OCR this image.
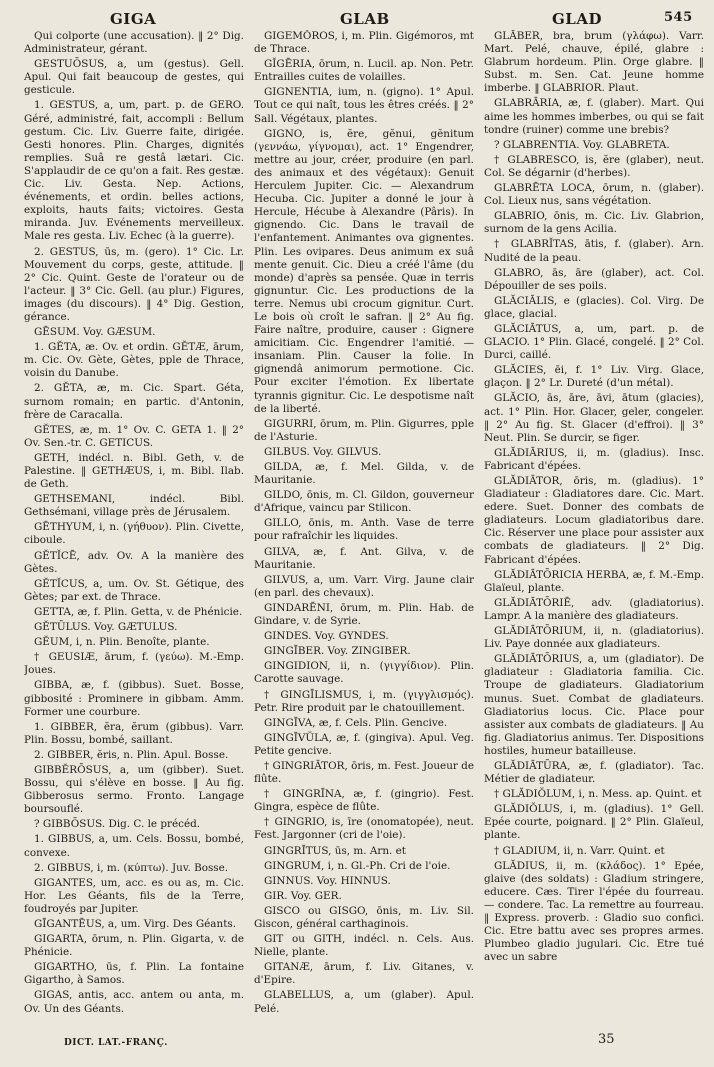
GIGA	GLAB	GLAD	545

Qui colporte (une accusation). ‖ 2° Dig. Administrateur, gérant.

GESTUŌSUS, a, um (gestus). Gell. Apul. Qui fait beaucoup de gestes, qui gesticule.

1. GESTUS, a, um, part. p. de GERO. Géré, administré, fait, accompli : Bellum gestum. Cic. Liv. Guerre faite, dirigée. Gesti honores. Plin. Charges, dignités remplies. Suâ re gestâ lætari. Cic. S'applaudir de ce qu'on a fait. Res gestæ. Cic. Liv. Gesta. Nep. Actions, événements, et ordin. belles actions, exploits, hauts faits; victoires. Gesta miranda. Juv. Evénements merveilleux. Male res gesta. Liv. Echec (à la guerre).

2. GESTUS, ūs, m. (gero). 1° Cic. Lr. Mouvement du corps, geste, attitude. ‖ 2° Cic. Quint. Geste de l'orateur ou de l'acteur. ‖ 3° Cic. Gell. (au plur.) Figures, images (du discours). ‖ 4° Dig. Gestion, gérance.

GĒSUM. Voy. GÆSUM.

1. GĔTA, æ. Ov. et ordin. GĔTÆ, ārum, m. Cic. Ov. Gète, Gètes, pple de Thrace, voisin du Danube.

2. GĔTA, æ, m. Cic. Spart. Géta, surnom romain; en partic. d'Antonin, frère de Caracalla.

GĔTES, æ, m. 1° Ov. C. GETA 1. ‖ 2° Ov. Sen.-tr. C. GETICUS.

GETH, indécl. n. Bibl. Geth, v. de Palestine. ‖ GETHÆUS, i, m. Bibl. Ilab. de Geth.

GETHSEMANI, indécl. Bibl. Gethsémani, village près de Jérusalem.

GĒTHYUM, i, n. (γήθυον). Plin. Civette, ciboule.

GĔTĬCĒ, adv. Ov. A la manière des Gètes.

GĔTĬCUS, a, um. Ov. St. Gétique, des Gètes; par ext. de Thrace.

GETTA, æ, f. Plin. Getta, v. de Phénicie.

GĔTŪLUS. Voy. GÆTULUS.

GĔUM, i, n. Plin. Benoîte, plante.

† GEUSIÆ, ārum, f. (γεύω). M.-Emp. Joues.

GIBBA, æ, f. (gibbus). Suet. Bosse, gibbosité : Prominere in gibbam. Amm. Former une courbure.

1. GIBBER, ĕra, ĕrum (gibbus). Varr. Plin. Bossu, bombé, saillant.

2. GIBBER, ĕris, n. Plin. Apul. Bosse.

GIBBĔRŌSUS, a, um (gibber). Suet. Bossu, qui s'élève en bosse. ‖ Au fig. Gibberosus sermo. Fronto. Langage boursouflé.

? GIBBŌSUS. Dig. C. le précéd.

1. GIBBUS, a, um. Cels. Bossu, bombé, convexe.

2. GIBBUS, i, m. (κύπτω). Juv. Bosse.

GIGANTES, um, acc. es ou as, m. Cic. Hor. Les Géants, fils de la Terre, foudroyés par Jupiter.

GĪGANTĒUS, a, um. Virg. Des Géants.

GIGARTA, ōrum, n. Plin. Gigarta, v. de Phénicie.

GIGARTHO, ūs, f. Plin. La fontaine Gigartho, à Samos.

GIGAS, antis, acc. antem ou anta, m. Ov. Un des Géants.

GIGEMŎROS, i, m. Plin. Gigémoros, mt de Thrace.

GĬGĒRIA, ōrum, n. Lucil. ap. Non. Petr. Entrailles cuites de volailles.

GIGNENTIA, ium, n. (gigno). 1° Apul. Tout ce qui naît, tous les êtres créés. ‖ 2° Sall. Végétaux, plantes.

GIGNO, is, ĕre, gĕnui, gĕnitum (γεννάω, γίγνομαι), act. 1° Engendrer, mettre au jour, créer, produire (en parl. des animaux et des végétaux): Genuit Herculem Jupiter. Cic. — Alexandrum Hecuba. Cic. Jupiter a donné le jour à Hercule, Hécube à Alexandre (Pâris). In gignendo. Cic. Dans le travail de l'enfantement. Animantes ova gignentes. Plin. Les ovipares. Deus animum ex suâ mente genuit. Cic. Dieu a créé l'âme (du monde) d'après sa pensée. Quæ in terris gignuntur. Cic. Les productions de la terre. Nemus ubi crocum gignitur. Curt. Le bois où croît le safran. ‖ 2° Au fig. Faire naître, produire, causer : Gignere amicitiam. Cic. Engendrer l'amitié. — insaniam. Plin. Causer la folie. In gignendâ animorum permotione. Cic. Pour exciter l'émotion. Ex libertate tyrannis gignitur. Cic. Le despotisme naît de la liberté.

GIGURRI, ōrum, m. Plin. Gigurres, pple de l'Asturie.

GILBUS. Voy. GILVUS.

GILDA, æ, f. Mel. Gilda, v. de Mauritanie.

GILDO, ōnis, m. Cl. Gildon, gouverneur d'Afrique, vaincu par Stilicon.

GILLO, ōnis, m. Anth. Vase de terre pour rafraîchir les liquides.

GILVA, æ, f. Ant. Gilva, v. de Mauritanie.

GILVUS, a, um. Varr. Virg. Jaune clair (en parl. des chevaux).

GINDARĒNI, ōrum, m. Plin. Hab. de Gindare, v. de Syrie.

GINDES. Voy. GYNDES.

GINGĪBER. Voy. ZINGIBER.

GINGIDION, ii, n. (γιγγίδιον). Plin. Carotte sauvage.

† GINGĪLISMUS, i, m. (γιγγλισμός). Petr. Rire produit par le chatouillement.

GINGĪVA, æ, f. Cels. Plin. Gencive.

GINGĪVŬLA, æ, f. (gingiva). Apul. Veg. Petite gencive.

† GINGRIĀTOR, ōris, m. Fest. Joueur de flûte.

† GINGRĪNA, æ, f. (gingrio). Fest. Gingra, espèce de flûte.

† GINGRIO, is, īre (onomatopée), neut. Fest. Jargonner (cri de l'oie).

GINGRĪTUS, ūs, m. Arn. et

GINGRUM, i, n. Gl.-Ph. Cri de l'oie.

GINNUS. Voy. HINNUS.

GIR. Voy. GER.

GISCO ou GISGO, ōnis, m. Liv. Sil. Giscon, général carthaginois.

GIT ou GITH, indécl. n. Cels. Aus. Nielle, plante.

GITANÆ, ārum, f. Liv. Gitanes, v. d'Epire.

GLABELLUS, a, um (glaber). Apul. Pelé.

GLĂBER, bra, brum (γλάφω). Varr. Mart. Pelé, chauve, épilé, glabre : Glabrum hordeum. Plin. Orge glabre. ‖ Subst. m. Sen. Cat. Jeune homme imberbe. ‖ GLABRIOR. Plaut.

GLABRĀRIA, æ, f. (glaber). Mart. Qui aime les hommes imberbes, ou qui se fait tondre (ruiner) comme une brebis?

? GLABRENTIA. Voy. GLABRETA.

† GLABRESCO, is, ĕre (glaber), neut. Col. Se dégarnir (d'herbes).

GLABRĒTA LOCA, ōrum, n. (glaber). Col. Lieux nus, sans végétation.

GLABRIO, ōnis, m. Cic. Liv. Glabrion, surnom de la gens Acilia.

† GLABRĬTAS, ātis, f. (glaber). Arn. Nudité de la peau.

GLABRO, ās, āre (glaber), act. Col. Dépouiller de ses poils.

GLĂCIĀLIS, e (glacies). Col. Virg. De glace, glacial.

GLĂCIĀTUS, a, um, part. p. de GLACIO. 1° Plin. Glacé, congelé. ‖ 2° Col. Durci, caillé.

GLĂCIES, ēi, f. 1° Liv. Virg. Glace, glaçon. ‖ 2° Lr. Dureté (d'un métal).

GLĂCIO, ās, āre, āvi, ātum (glacies), act. 1° Plin. Hor. Glacer, geler, congeler. ‖ 2° Au fig. St. Glacer (d'effroi). ‖ 3° Neut. Plin. Se durcir, se figer.

GLĂDIĀRIUS, ii, m. (gladius). Insc. Fabricant d'épées.

GLĂDIĀTOR, ōris, m. (gladius). 1° Gladiateur : Gladiatores dare. Cic. Mart. edere. Suet. Donner des combats de gladiateurs. Locum gladiatoribus dare. Cic. Réserver une place pour assister aux combats de gladiateurs. ‖ 2° Dig. Fabricant d'épées.

GLĂDIĀTŌRICIA HERBA, æ, f. M.-Emp. Glaïeul, plante.

GLĂDIĀTŌRIĒ, adv. (gladiatorius). Lampr. A la manière des gladiateurs.

GLĂDIĀTŌRIUM, ii, n. (gladiatorius). Liv. Paye donnée aux gladiateurs.

GLĂDIĀTŌRIUS, a, um (gladiator). De gladiateur : Gladiatoria familia. Cic. Troupe de gladiateurs. Gladiatorium munus. Suet. Combat de gladiateurs. Gladiatorius locus. Cic. Place pour assister aux combats de gladiateurs. ‖ Au fig. Gladiatorius animus. Ter. Dispositions hostiles, humeur batailleuse.

GLĂDIĀTŪRA, æ, f. (gladiator). Tac. Métier de gladiateur.

† GLĂDIŎLUM, i, n. Mess. ap. Quint. et

GLĂDIŎLUS, i, m. (gladius). 1° Gell. Epée courte, poignard. ‖ 2° Plin. Glaïeul, plante.

† GLADIUM, ii, n. Varr. Quint. et

GLĂDIUS, ii, m. (κλάδος). 1° Epée, glaive (des soldats) : Gladium stringere, educere. Cæs. Tirer l'épée du fourreau. — condere. Tac. La remettre au fourreau. ‖ Express. proverb. : Gladio suo confici. Cic. Etre battu avec ses propres armes. Plumbeo gladio jugulari. Cic. Etre tué avec un sabre

DICT. LAT.-FRANÇ.	35
